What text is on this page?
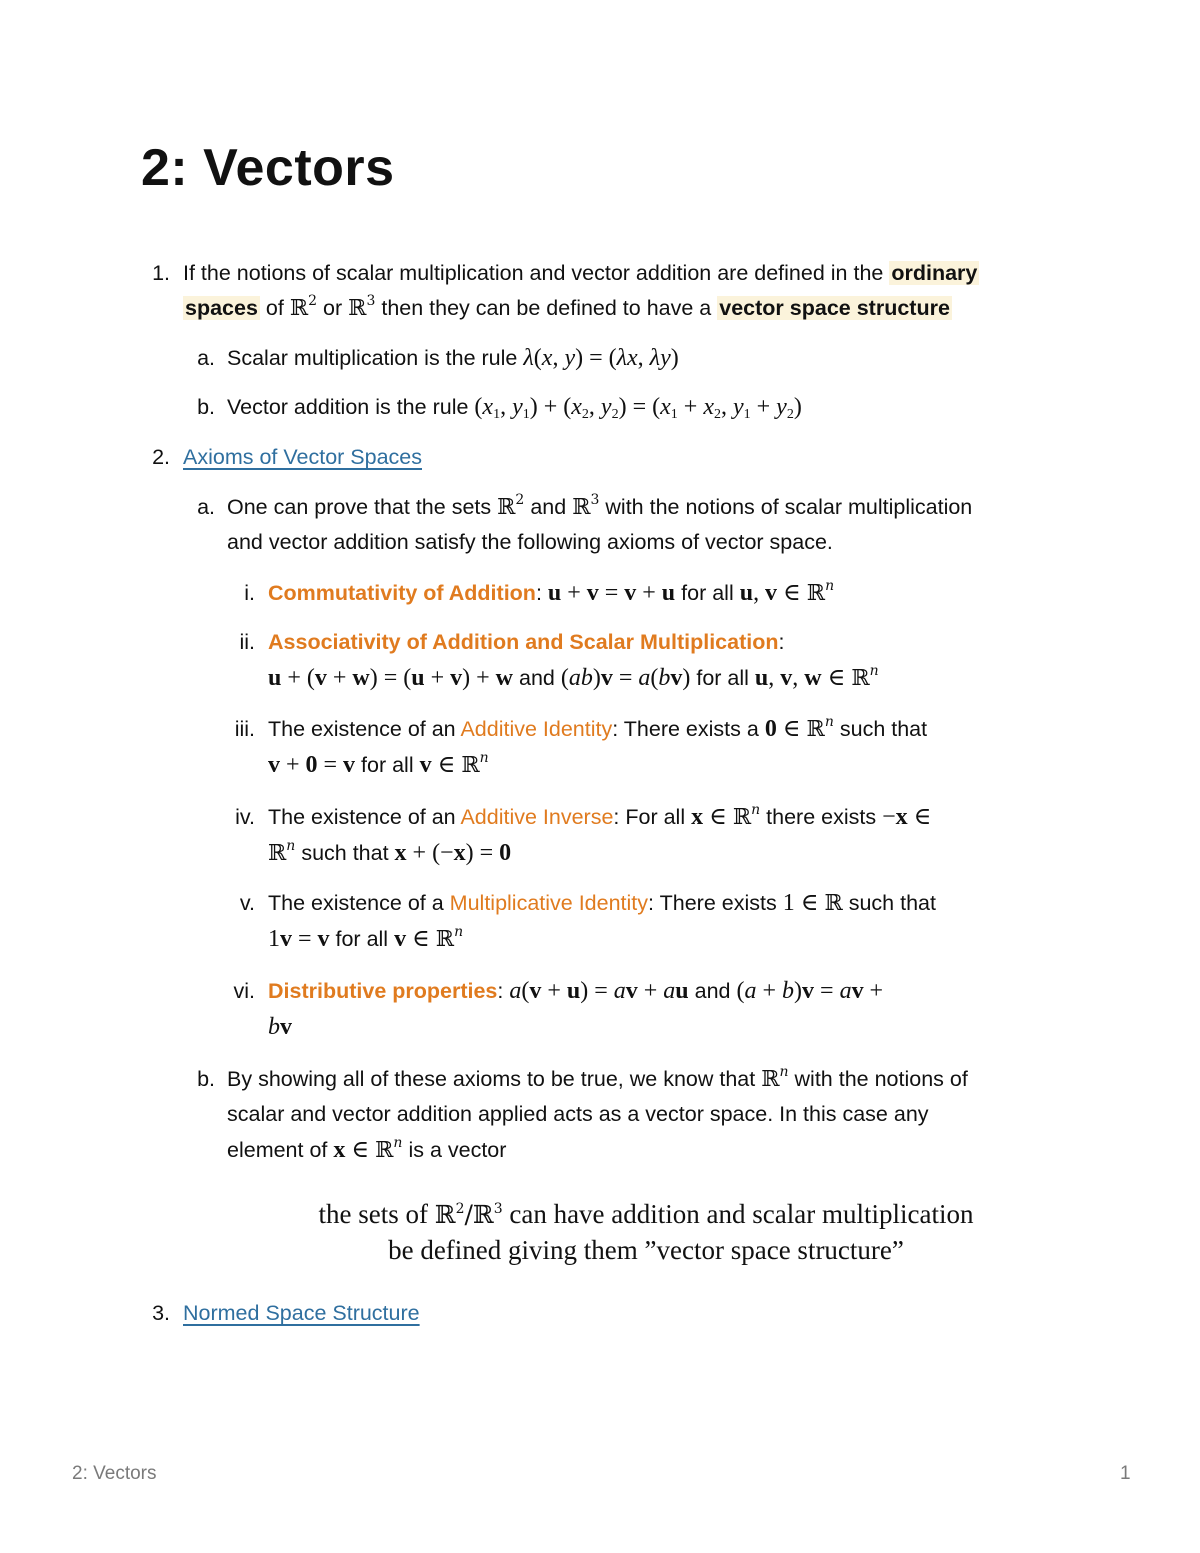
2: Vectors
1. If the notions of scalar multiplication and vector addition are defined in the ordinary
spaces of ℝ$^2$ or ℝ$^3$ then they can be defined to have a vector space structure
a. Scalar multiplication is the rule λ(x, y) = (λx, λy)
b. Vector addition is the rule ($x_1$, $y_1) + (x_2$, $y_2) = (x_1 + x_2$, $y_1 + y_2$)
2. Axioms of Vector Spaces
a. One can prove that the sets ℝ$^2$ and ℝ$^3$ with the notions of scalar multiplication
and vector addition satisfy the following axioms of vector space.
i. Commutativity of Addition: u + v = v + u for all u, v ∈ ℝ$^n$
ii. Associativity of Addition and Scalar Multiplication:
u + (v + w) = (u + v) + w and (ab)v = a(bv) for all u, v, w ∈ ℝ$^n$
iii. The existence of an Additive Identity: There exists a 0 ∈ ℝ$^n$ such that
v + 0 = v for all v ∈ ℝ$^n$
iv. The existence of an Additive Inverse: For all x ∈ ℝ$^n$ there exists −x ∈
ℝ$^n$ such that x + (−x) = 0
v. The existence of a Multiplicative Identity: There exists 1 ∈ ℝ such that
1v = v for all v ∈ ℝ$^n$
vi. Distributive properties: a(v + u) = av + au and (a + b)v = av +
bv
b. By showing all of these axioms to be true, we know that ℝ$^n$ with the notions of
scalar and vector addition applied acts as a vector space. In this case any
element of x ∈ ℝ$^n$ is a vector
the sets of ℝ$^2$/ℝ$^3$ can have addition and scalar multiplication
be defined giving them ”vector space structure”
3. Normed Space Structure
2: Vectors	1
